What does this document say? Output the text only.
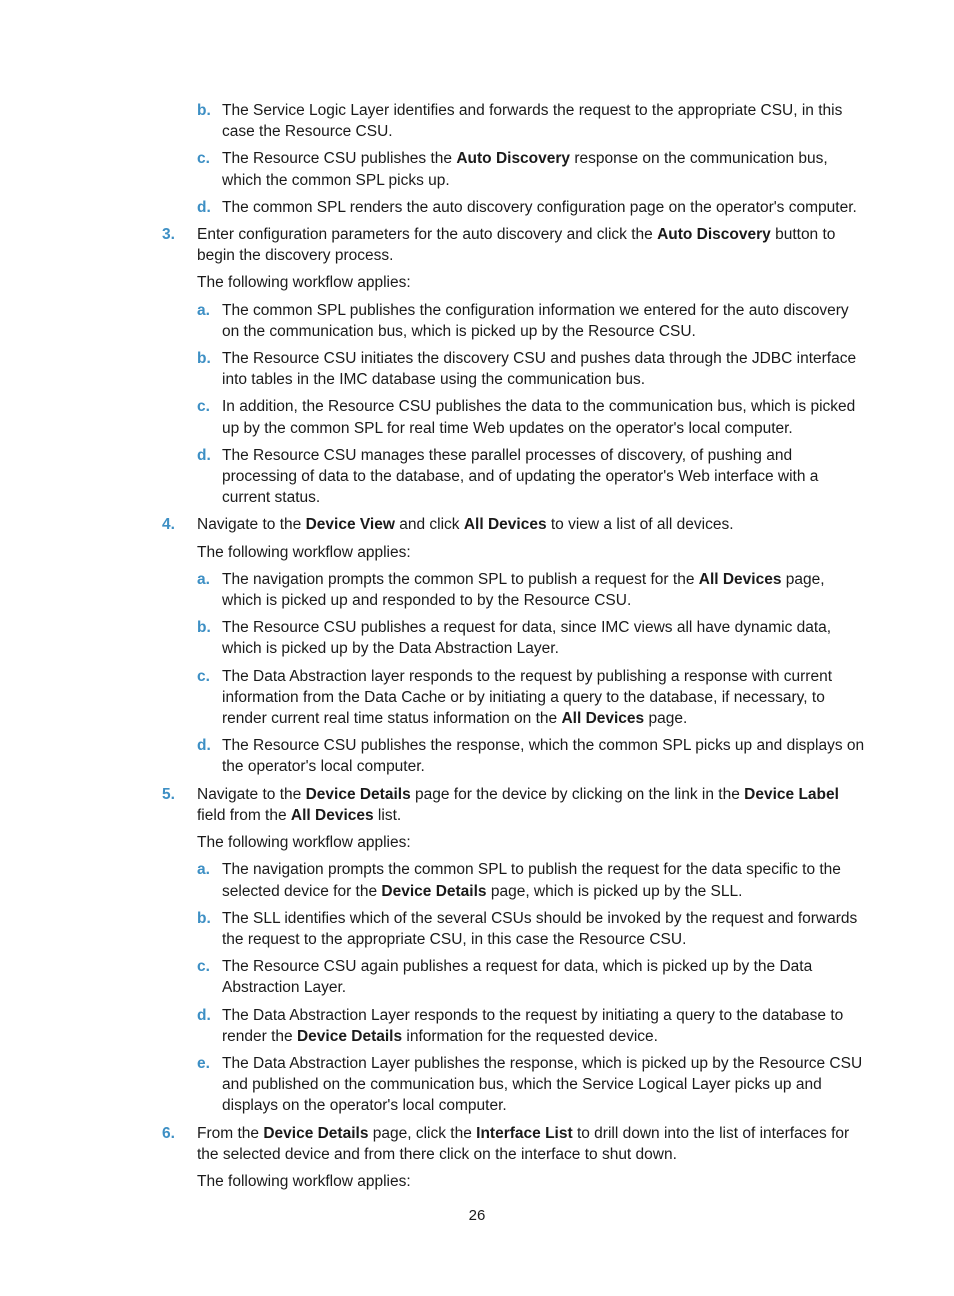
b. The Service Logic Layer identifies and forwards the request to the appropriate CSU, in this case the Resource CSU.
c. The Resource CSU publishes the Auto Discovery response on the communication bus, which the common SPL picks up.
d. The common SPL renders the auto discovery configuration page on the operator's computer.
3. Enter configuration parameters for the auto discovery and click the Auto Discovery button to begin the discovery process.
The following workflow applies:
a. The common SPL publishes the configuration information we entered for the auto discovery on the communication bus, which is picked up by the Resource CSU.
b. The Resource CSU initiates the discovery CSU and pushes data through the JDBC interface into tables in the IMC database using the communication bus.
c. In addition, the Resource CSU publishes the data to the communication bus, which is picked up by the common SPL for real time Web updates on the operator's local computer.
d. The Resource CSU manages these parallel processes of discovery, of pushing and processing of data to the database, and of updating the operator's Web interface with a current status.
4. Navigate to the Device View and click All Devices to view a list of all devices.
The following workflow applies:
a. The navigation prompts the common SPL to publish a request for the All Devices page, which is picked up and responded to by the Resource CSU.
b. The Resource CSU publishes a request for data, since IMC views all have dynamic data, which is picked up by the Data Abstraction Layer.
c. The Data Abstraction layer responds to the request by publishing a response with current information from the Data Cache or by initiating a query to the database, if necessary, to render current real time status information on the All Devices page.
d. The Resource CSU publishes the response, which the common SPL picks up and displays on the operator's local computer.
5. Navigate to the Device Details page for the device by clicking on the link in the Device Label field from the All Devices list.
The following workflow applies:
a. The navigation prompts the common SPL to publish the request for the data specific to the selected device for the Device Details page, which is picked up by the SLL.
b. The SLL identifies which of the several CSUs should be invoked by the request and forwards the request to the appropriate CSU, in this case the Resource CSU.
c. The Resource CSU again publishes a request for data, which is picked up by the Data Abstraction Layer.
d. The Data Abstraction Layer responds to the request by initiating a query to the database to render the Device Details information for the requested device.
e. The Data Abstraction Layer publishes the response, which is picked up by the Resource CSU and published on the communication bus, which the Service Logical Layer picks up and displays on the operator's local computer.
6. From the Device Details page, click the Interface List to drill down into the list of interfaces for the selected device and from there click on the interface to shut down.
The following workflow applies:
26
